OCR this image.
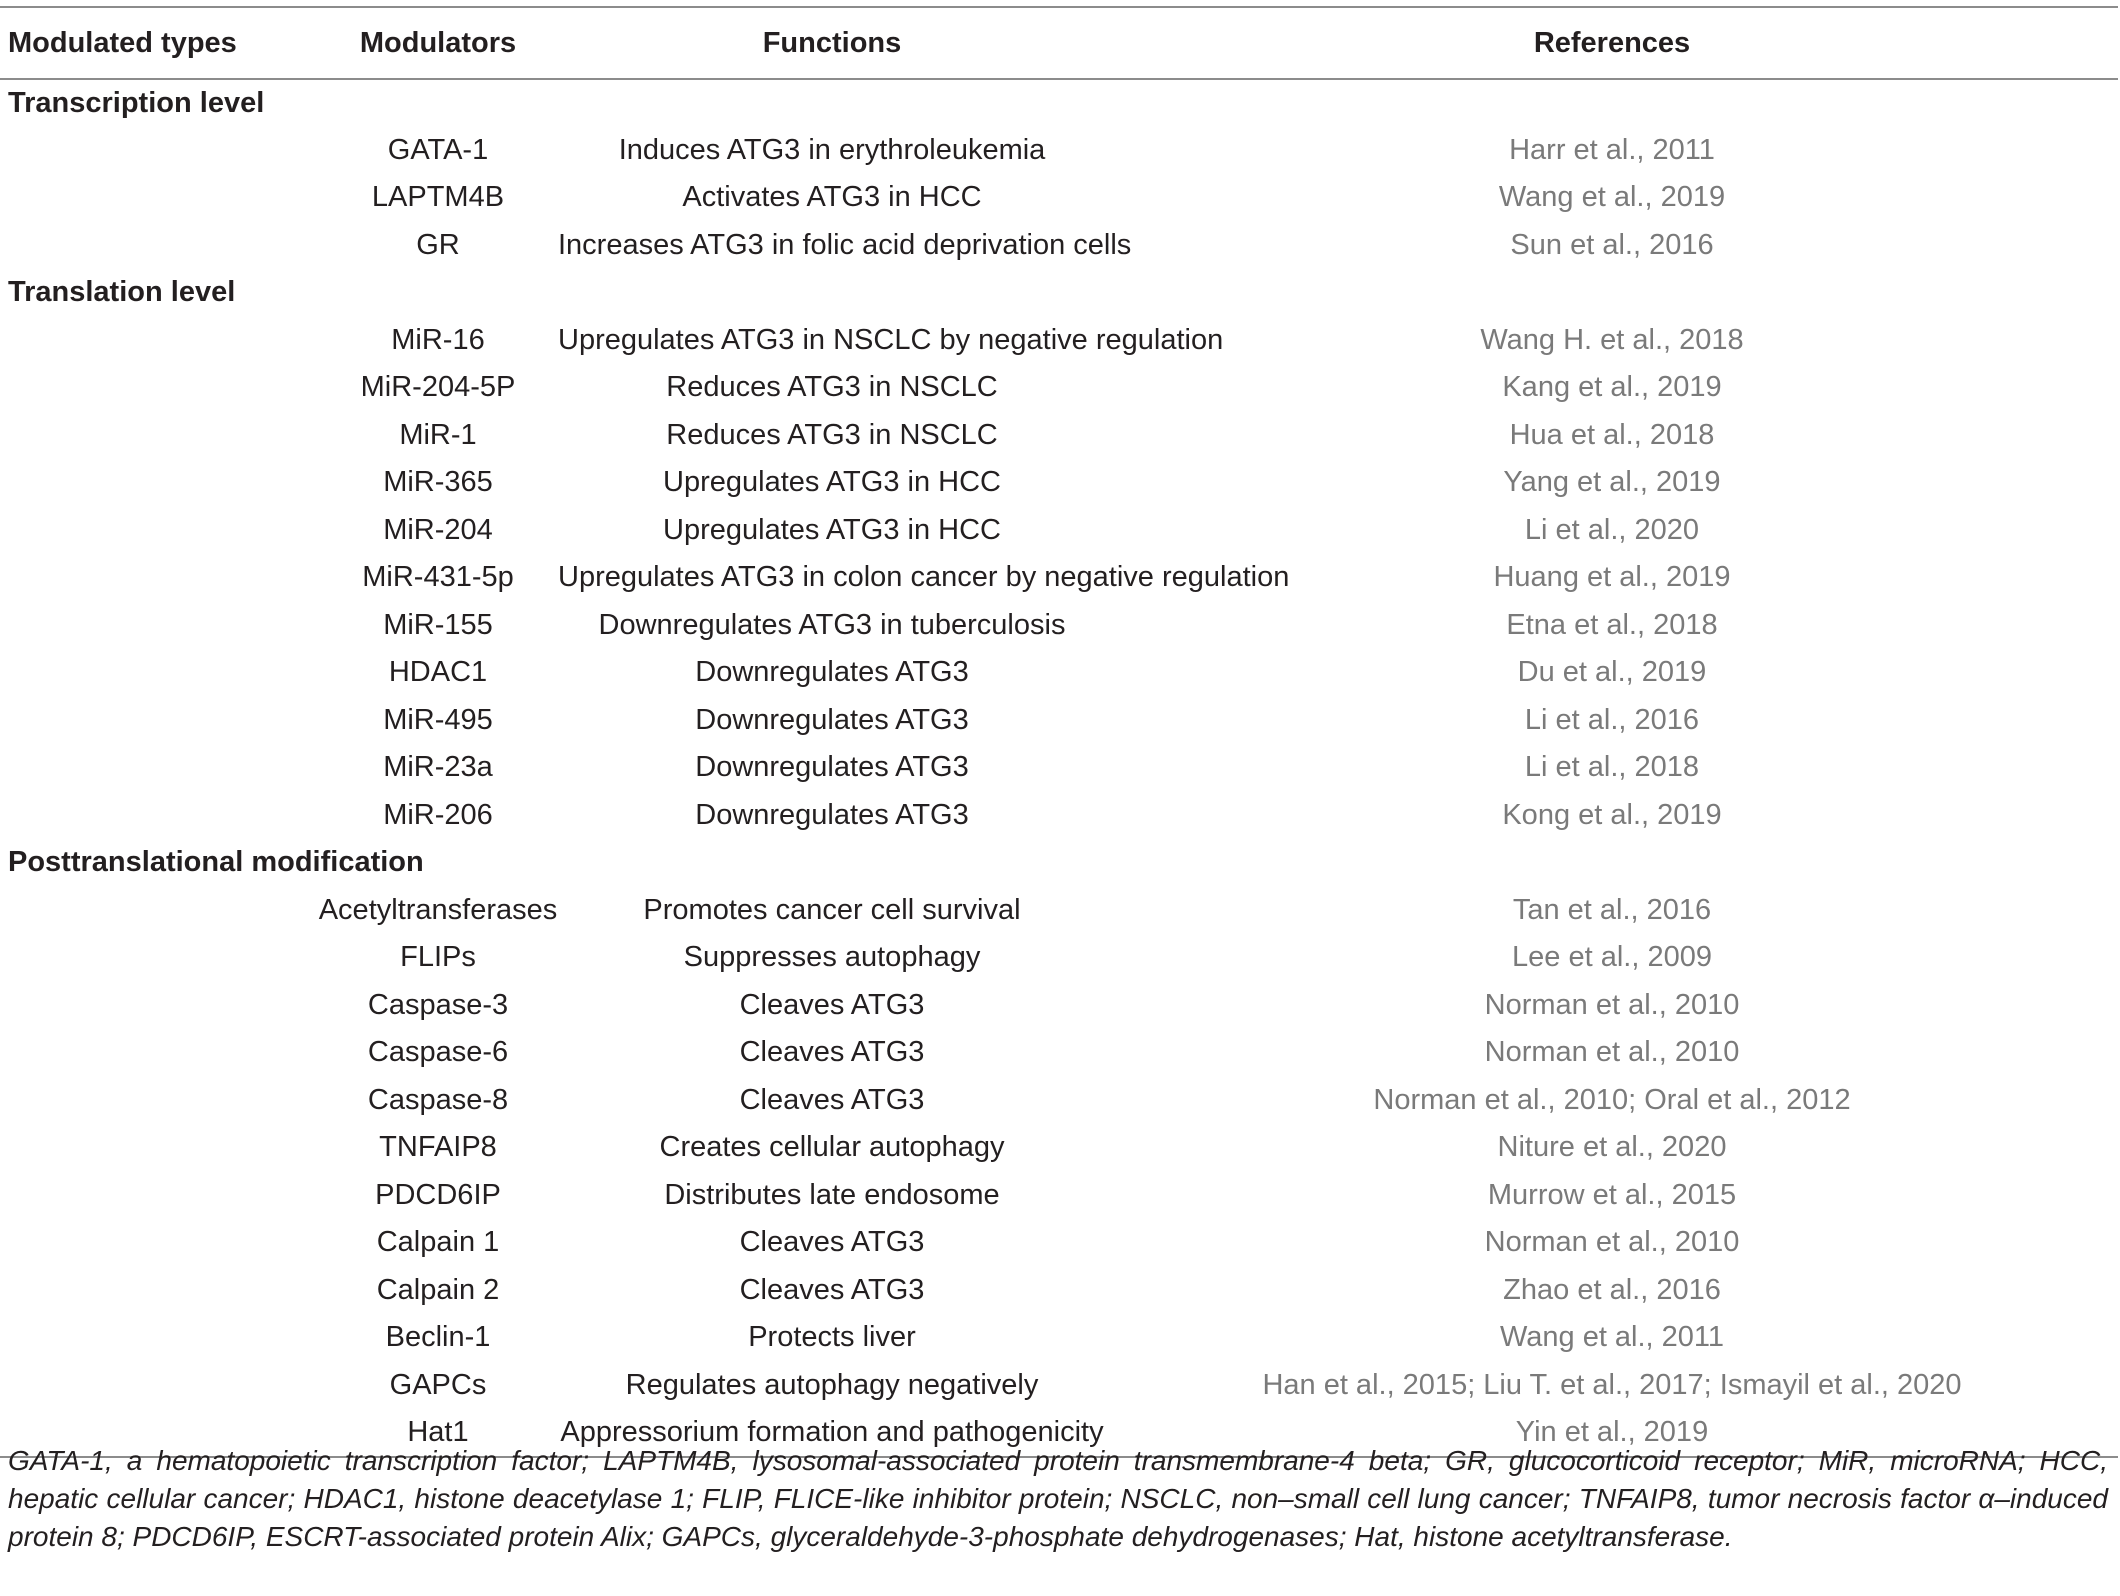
Modulated types	Modulators	Functions	References
Transcription level			
	GATA-1	Induces ATG3 in erythroleukemia	Harr et al., 2011
	LAPTM4B	Activates ATG3 in HCC	Wang et al., 2019
	GR	Increases ATG3 in folic acid deprivation cells	Sun et al., 2016
Translation level			
	MiR-16	Upregulates ATG3 in NSCLC by negative regulation	Wang H. et al., 2018
	MiR-204-5P	Reduces ATG3 in NSCLC	Kang et al., 2019
	MiR-1	Reduces ATG3 in NSCLC	Hua et al., 2018
	MiR-365	Upregulates ATG3 in HCC	Yang et al., 2019
	MiR-204	Upregulates ATG3 in HCC	Li et al., 2020
	MiR-431-5p	Upregulates ATG3 in colon cancer by negative regulation	Huang et al., 2019
	MiR-155	Downregulates ATG3 in tuberculosis	Etna et al., 2018
	HDAC1	Downregulates ATG3	Du et al., 2019
	MiR-495	Downregulates ATG3	Li et al., 2016
	MiR-23a	Downregulates ATG3	Li et al., 2018
	MiR-206	Downregulates ATG3	Kong et al., 2019
Posttranslational modification			
	Acetyltransferases	Promotes cancer cell survival	Tan et al., 2016
	FLIPs	Suppresses autophagy	Lee et al., 2009
	Caspase-3	Cleaves ATG3	Norman et al., 2010
	Caspase-6	Cleaves ATG3	Norman et al., 2010
	Caspase-8	Cleaves ATG3	Norman et al., 2010; Oral et al., 2012
	TNFAIP8	Creates cellular autophagy	Niture et al., 2020
	PDCD6IP	Distributes late endosome	Murrow et al., 2015
	Calpain 1	Cleaves ATG3	Norman et al., 2010
	Calpain 2	Cleaves ATG3	Zhao et al., 2016
	Beclin-1	Protects liver	Wang et al., 2011
	GAPCs	Regulates autophagy negatively	Han et al., 2015; Liu T. et al., 2017; Ismayil et al., 2020
	Hat1	Appressorium formation and pathogenicity	Yin et al., 2019

GATA-1, a hematopoietic transcription factor; LAPTM4B, lysosomal-associated protein transmembrane-4 beta; GR, glucocorticoid receptor; MiR, microRNA; HCC, hepatic cellular cancer; HDAC1, histone deacetylase 1; FLIP, FLICE-like inhibitor protein; NSCLC, non–small cell lung cancer; TNFAIP8, tumor necrosis factor α–induced protein 8; PDCD6IP, ESCRT-associated protein Alix; GAPCs, glyceraldehyde-3-phosphate dehydrogenases; Hat, histone acetyltransferase.
